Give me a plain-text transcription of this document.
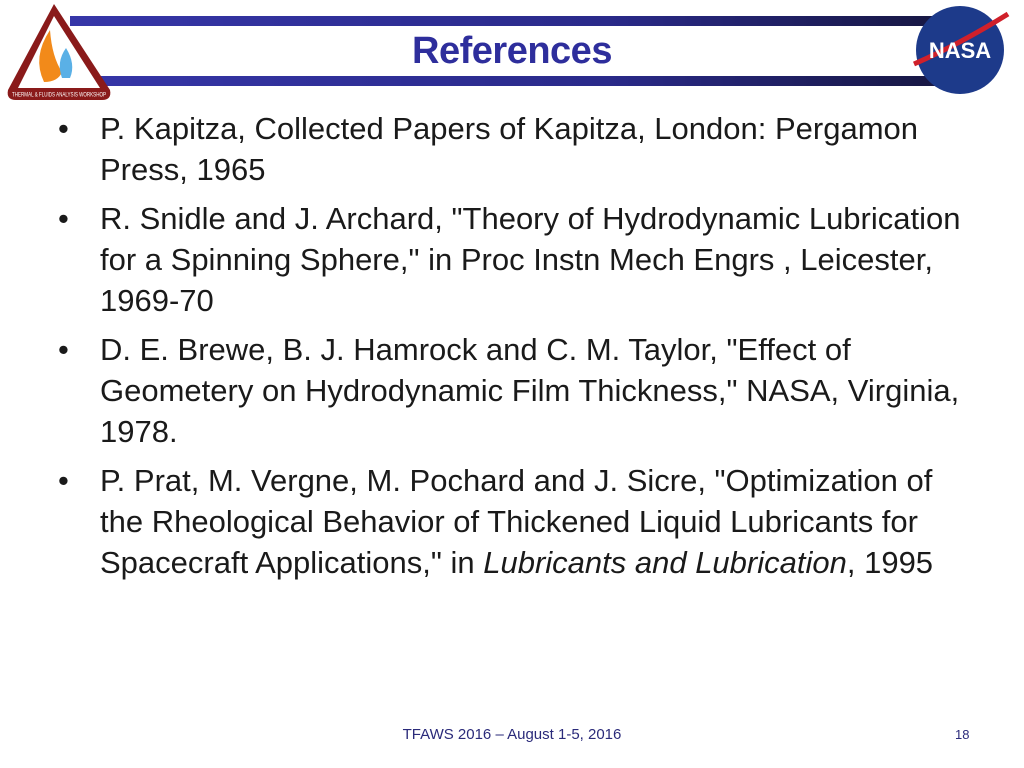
References
THERMAL & FLUIDS ANALYSIS WORKSHOP
NASA
• P. Kapitza, Collected Papers of Kapitza, London: Pergamon Press, 1965
• R. Snidle and J. Archard, "Theory of Hydrodynamic Lubrication for a Spinning Sphere," in Proc Instn Mech Engrs , Leicester, 1969-70
• D. E. Brewe, B. J. Hamrock and C. M. Taylor, "Effect of Geometery on Hydrodynamic Film Thickness," NASA, Virginia, 1978.
• P. Prat, M. Vergne, M. Pochard and J. Sicre, "Optimization of the Rheological Behavior of Thickened Liquid Lubricants for Spacecraft Applications," in Lubricants and Lubrication, 1995
TFAWS 2016 – August 1-5, 2016	18
